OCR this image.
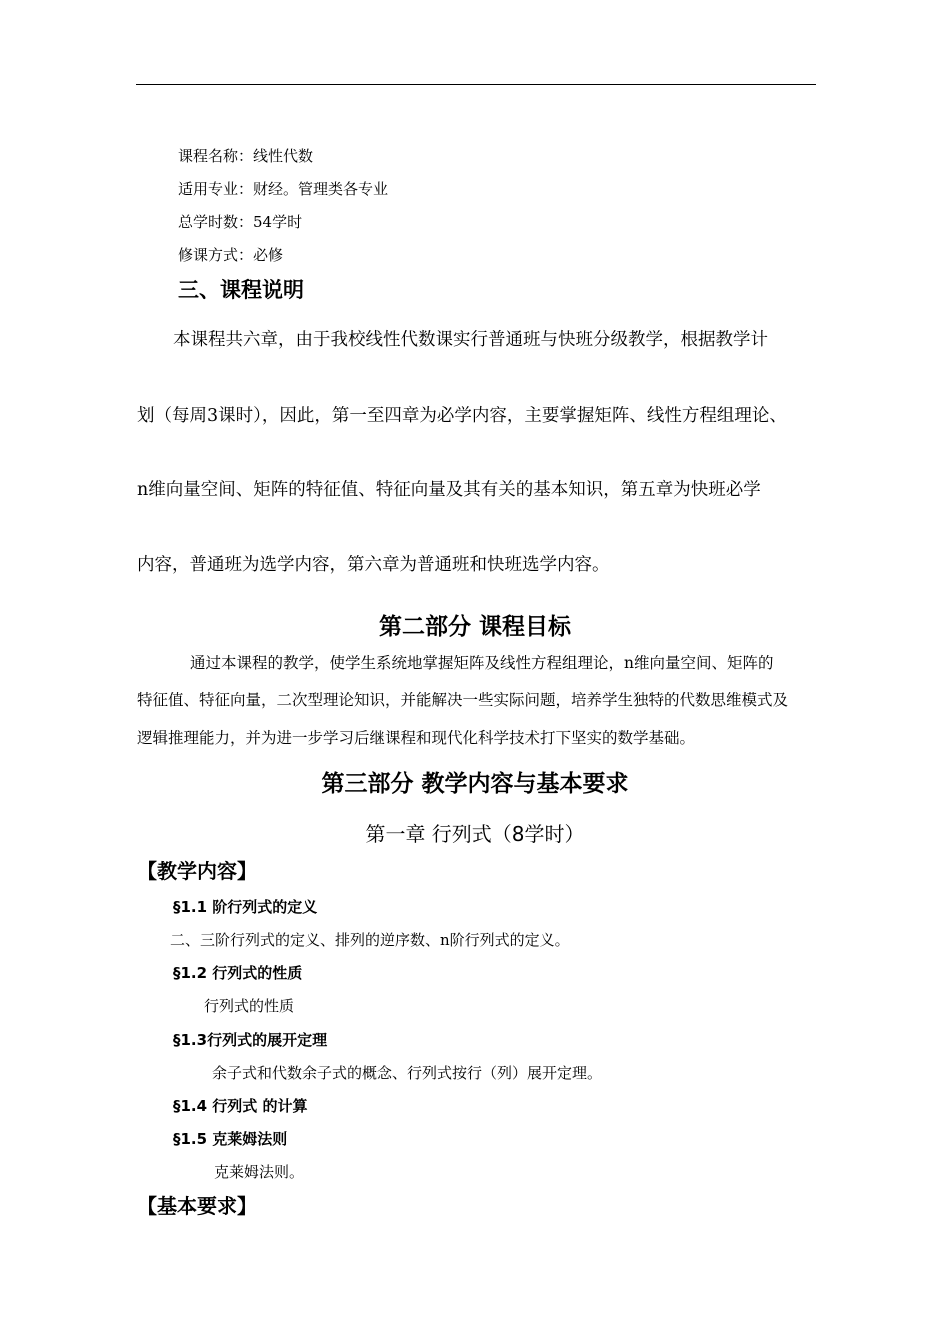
课程名称：线性代数
适用专业：财经。管理类各专业
总学时数：54学时
修课方式：必修
三、课程说明
本课程共六章，由于我校线性代数课实行普通班与快班分级教学，根据教学计
划（每周3课时），因此，第一至四章为必学内容，主要掌握矩阵、线性方程组理论、
n维向量空间、矩阵的特征值、特征向量及其有关的基本知识，第五章为快班必学
内容，普通班为选学内容，第六章为普通班和快班选学内容。
第二部分 课程目标
通过本课程的教学，使学生系统地掌握矩阵及线性方程组理论，n维向量空间、矩阵的
特征值、特征向量，二次型理论知识，并能解决一些实际问题，培养学生独特的代数思维模式及
逻辑推理能力，并为进一步学习后继课程和现代化科学技术打下坚实的数学基础。
第三部分 教学内容与基本要求
第一章 行列式（8学时）
【教学内容】
§1.1 阶行列式的定义
二、三阶行列式的定义、排列的逆序数、n阶行列式的定义。
§1.2 行列式的性质
行列式的性质
§1.3行列式的展开定理
余子式和代数余子式的概念、行列式按行（列）展开定理。
§1.4 行列式 的计算
§1.5 克莱姆法则
克莱姆法则。
【基本要求】
